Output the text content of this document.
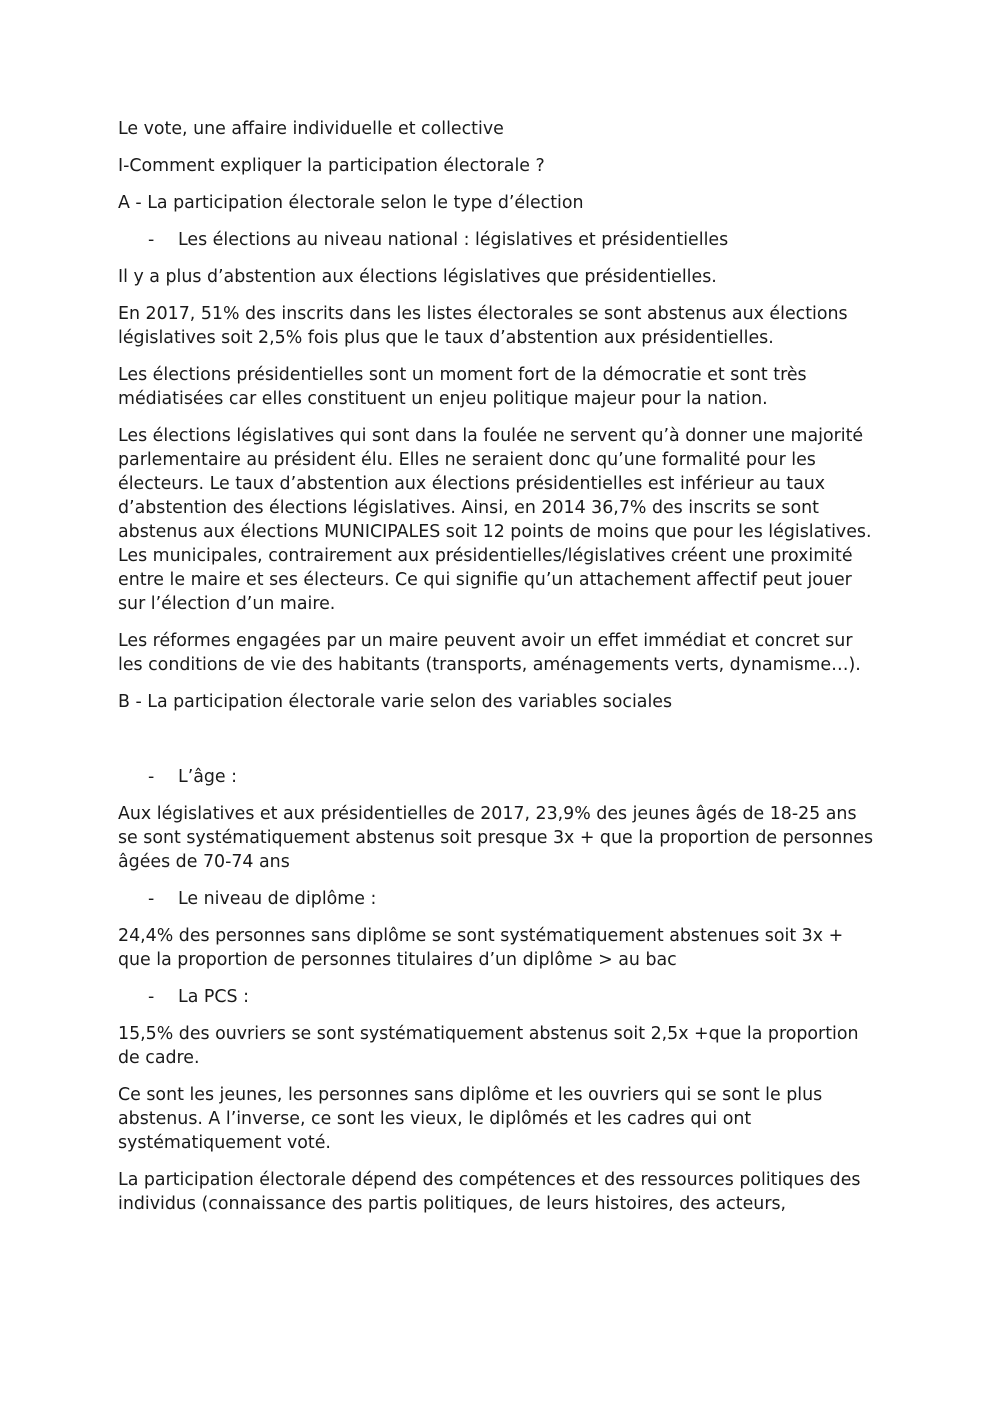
Le vote, une affaire individuelle et collective

I-Comment expliquer la participation électorale ?

A - La participation électorale selon le type d’élection

- Les élections au niveau national : législatives et présidentielles

Il y a plus d’abstention aux élections législatives que présidentielles.

En 2017, 51% des inscrits dans les listes électorales se sont abstenus aux élections législatives soit 2,5% fois plus que le taux d’abstention aux présidentielles.

Les élections présidentielles sont un moment fort de la démocratie et sont très médiatisées car elles constituent un enjeu politique majeur pour la nation.

Les élections législatives qui sont dans la foulée ne servent qu’à donner une majorité parlementaire au président élu. Elles ne seraient donc qu’une formalité pour les électeurs. Le taux d’abstention aux élections présidentielles est inférieur au taux d’abstention des élections législatives. Ainsi, en 2014 36,7% des inscrits se sont abstenus aux élections MUNICIPALES soit 12 points de moins que pour les législatives. Les municipales, contrairement aux présidentielles/législatives créent une proximité entre le maire et ses électeurs. Ce qui signifie qu’un attachement affectif peut jouer sur l’élection d’un maire.

Les réformes engagées par un maire peuvent avoir un effet immédiat et concret sur les conditions de vie des habitants (transports, aménagements verts, dynamisme…).

B - La participation électorale varie selon des variables sociales

- L’âge :

Aux législatives et aux présidentielles de 2017, 23,9% des jeunes âgés de 18-25 ans se sont systématiquement abstenus soit presque 3x + que la proportion de personnes âgées de 70-74 ans

- Le niveau de diplôme :

24,4% des personnes sans diplôme se sont systématiquement abstenues soit 3x + que la proportion de personnes titulaires d’un diplôme > au bac

- La PCS :

15,5% des ouvriers se sont systématiquement abstenus soit 2,5x +que la proportion de cadre.

Ce sont les jeunes, les personnes sans diplôme et les ouvriers qui se sont le plus abstenus. A l’inverse, ce sont les vieux, le diplômés et les cadres qui ont systématiquement voté.

La participation électorale dépend des compétences et des ressources politiques des individus (connaissance des partis politiques, de leurs histoires, des acteurs,
